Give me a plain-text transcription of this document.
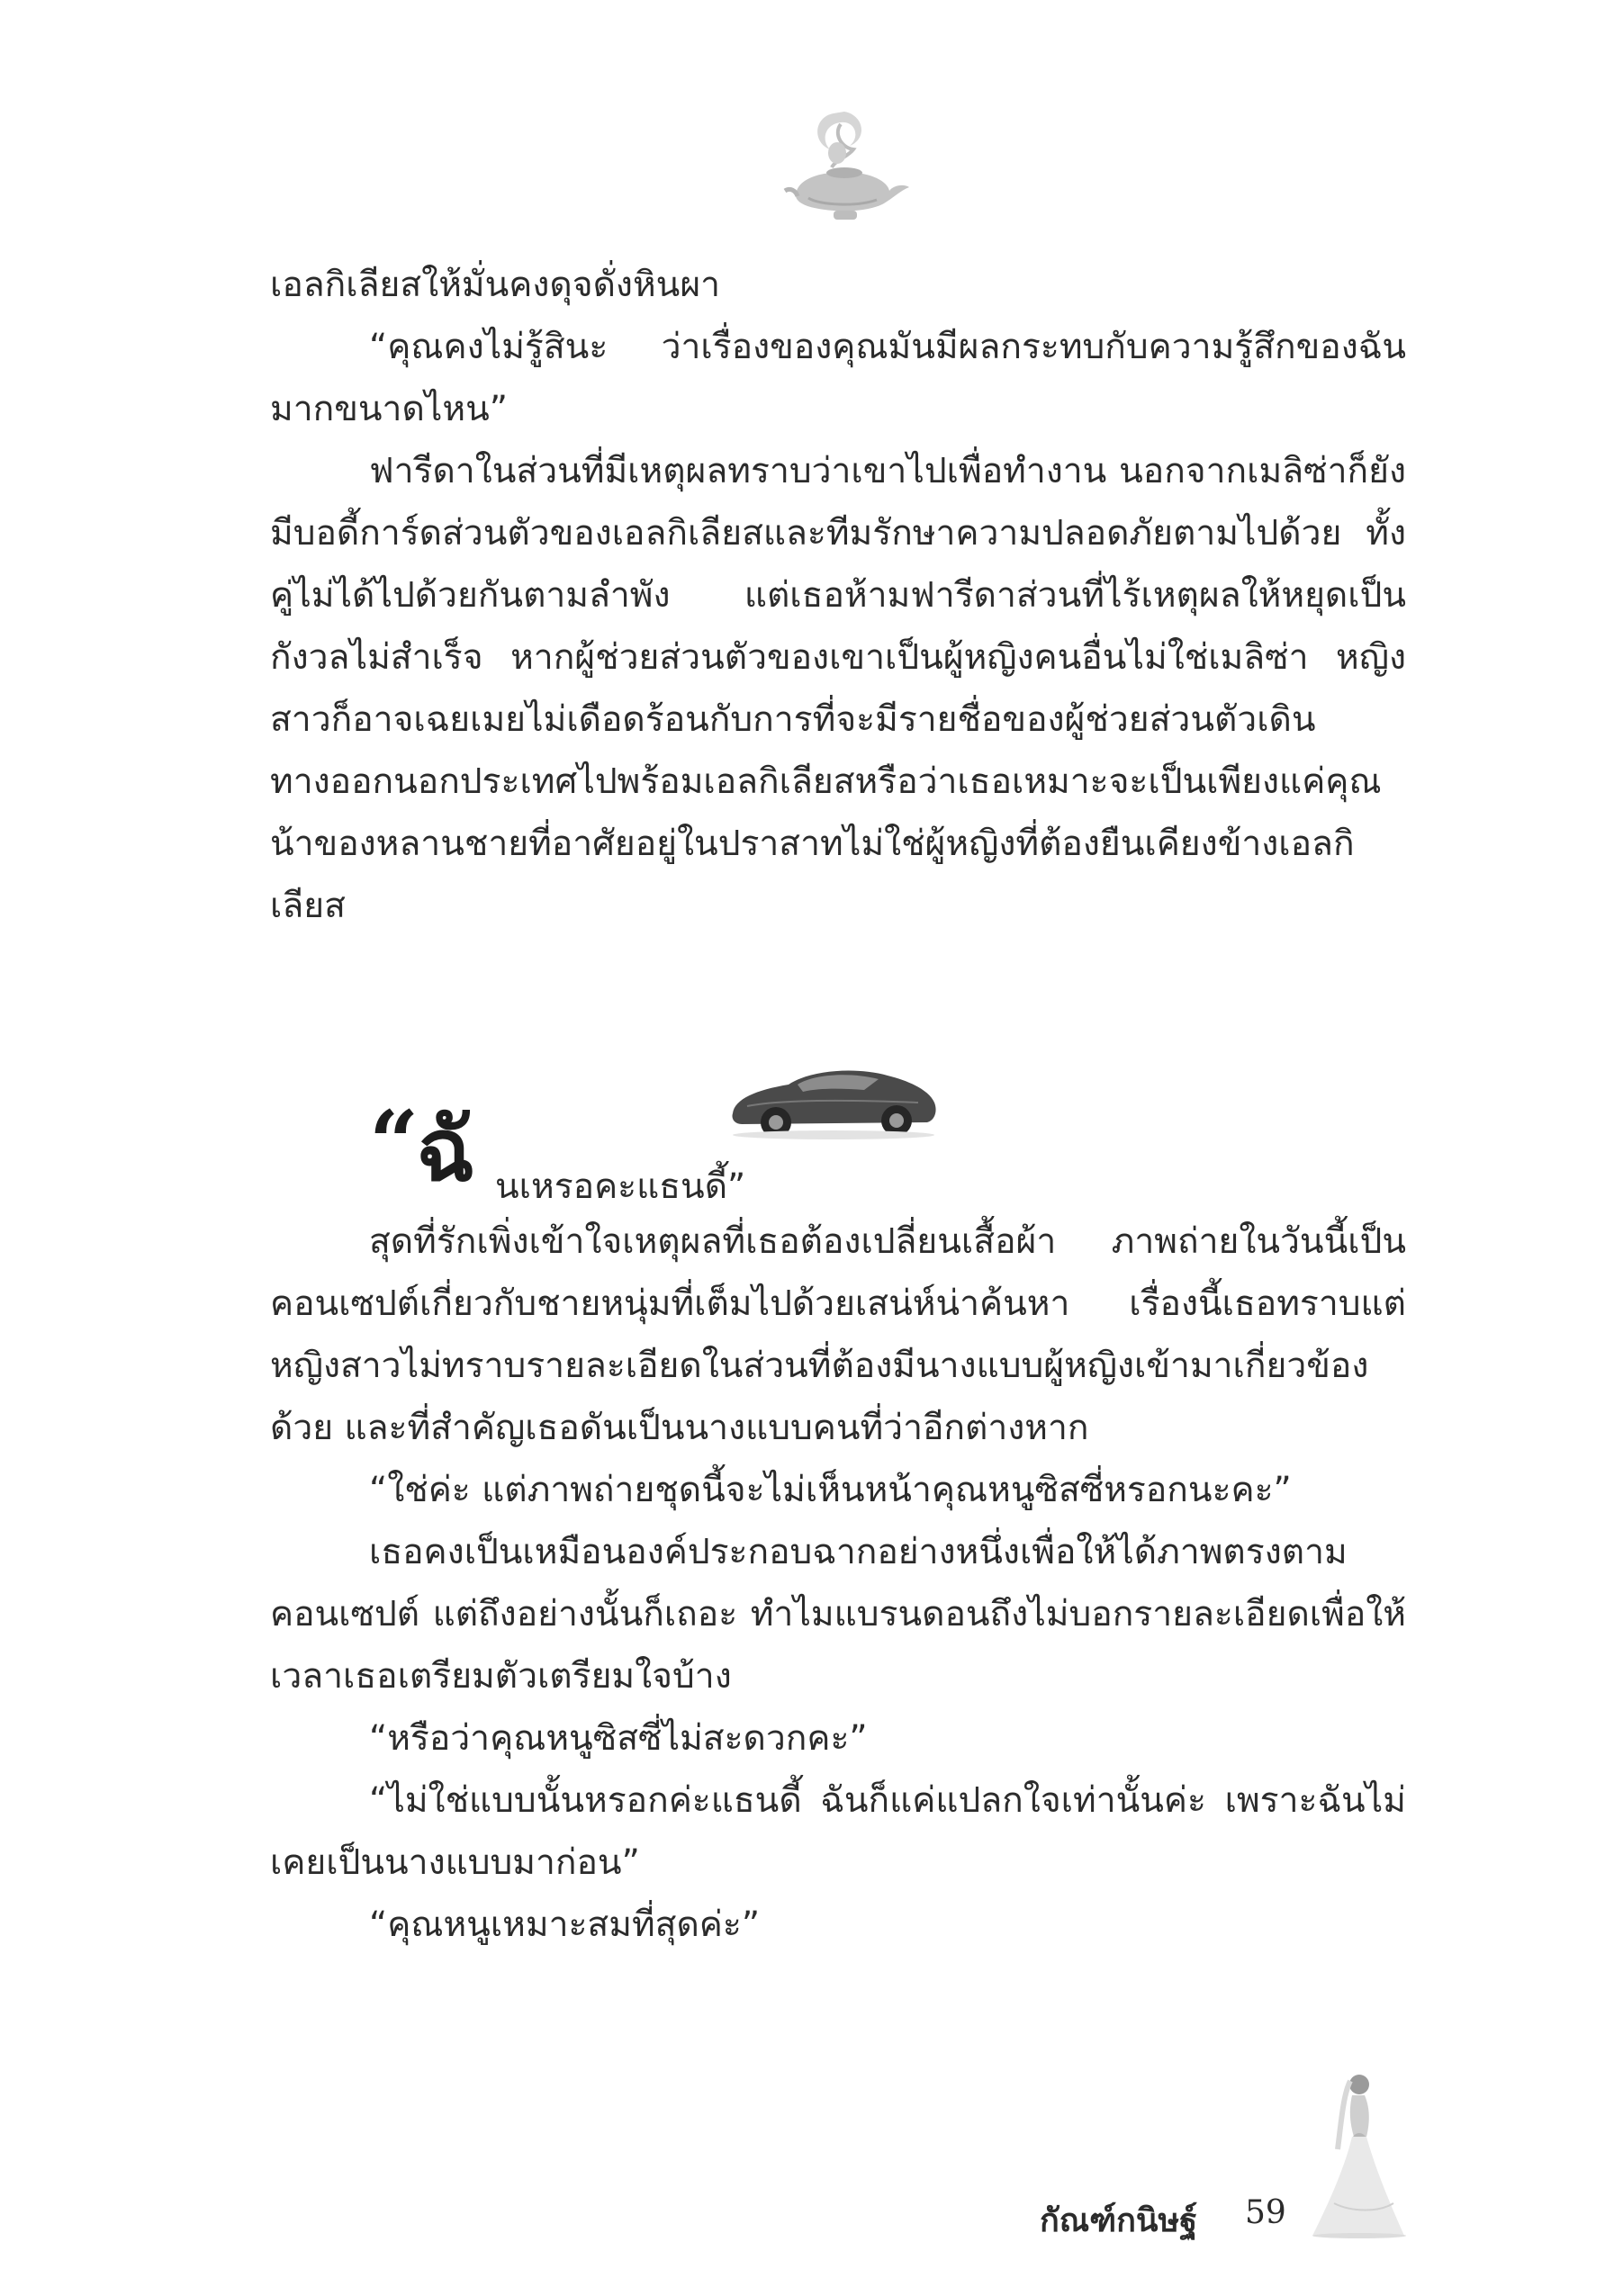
เอลกิเลียสให้มั่นคงดุจดั่งหินผา

“คุณคงไม่รู้สินะ ว่าเรื่องของคุณมันมีผลกระทบกับความรู้สึกของฉันมากขนาดไหน”

ฟารีดาในส่วนที่มีเหตุผลทราบว่าเขาไปเพื่อทำงาน นอกจากเมลิซ่าก็ยังมีบอดี้การ์ดส่วนตัวของเอลกิเลียสและทีมรักษาความปลอดภัยตามไปด้วย ทั้งคู่ไม่ได้ไปด้วยกันตามลำพัง แต่เธอห้ามฟารีดาส่วนที่ไร้เหตุผลให้หยุดเป็นกังวลไม่สำเร็จ หากผู้ช่วยส่วนตัวของเขาเป็นผู้หญิงคนอื่นไม่ใช่เมลิซ่า หญิงสาวก็อาจเฉยเมยไม่เดือดร้อนกับการที่จะมีรายชื่อของผู้ช่วยส่วนตัวเดินทางออกนอกประเทศไปพร้อมเอลกิเลียสหรือว่าเธอเหมาะจะเป็นเพียงแค่คุณน้าของหลานชายที่อาศัยอยู่ในปราสาทไม่ใช่ผู้หญิงที่ต้องยืนเคียงข้างเอลกิเลียส

“
ฉั นเหรอคะแธนดี้”

สุดที่รักเพิ่งเข้าใจเหตุผลที่เธอต้องเปลี่ยนเสื้อผ้า ภาพถ่ายในวันนี้เป็นคอนเซปต์เกี่ยวกับชายหนุ่มที่เต็มไปด้วยเสน่ห์น่าค้นหา เรื่องนี้เธอทราบแต่หญิงสาวไม่ทราบรายละเอียดในส่วนที่ต้องมีนางแบบผู้หญิงเข้ามาเกี่ยวข้องด้วย และที่สำคัญเธอดันเป็นนางแบบคนที่ว่าอีกต่างหาก

“ใช่ค่ะ แต่ภาพถ่ายชุดนี้จะไม่เห็นหน้าคุณหนูซิสซี่หรอกนะคะ”

เธอคงเป็นเหมือนองค์ประกอบฉากอย่างหนึ่งเพื่อให้ได้ภาพตรงตามคอนเซปต์ แต่ถึงอย่างนั้นก็เถอะ ทำไมแบรนดอนถึงไม่บอกรายละเอียดเพื่อให้เวลาเธอเตรียมตัวเตรียมใจบ้าง

“หรือว่าคุณหนูซิสซี่ไม่สะดวกคะ”

“ไม่ใช่แบบนั้นหรอกค่ะแธนดี้ ฉันก็แค่แปลกใจเท่านั้นค่ะ เพราะฉันไม่เคยเป็นนางแบบมาก่อน”

“คุณหนูเหมาะสมที่สุดค่ะ”

กัณฑ์กนิษฐ์ 59
